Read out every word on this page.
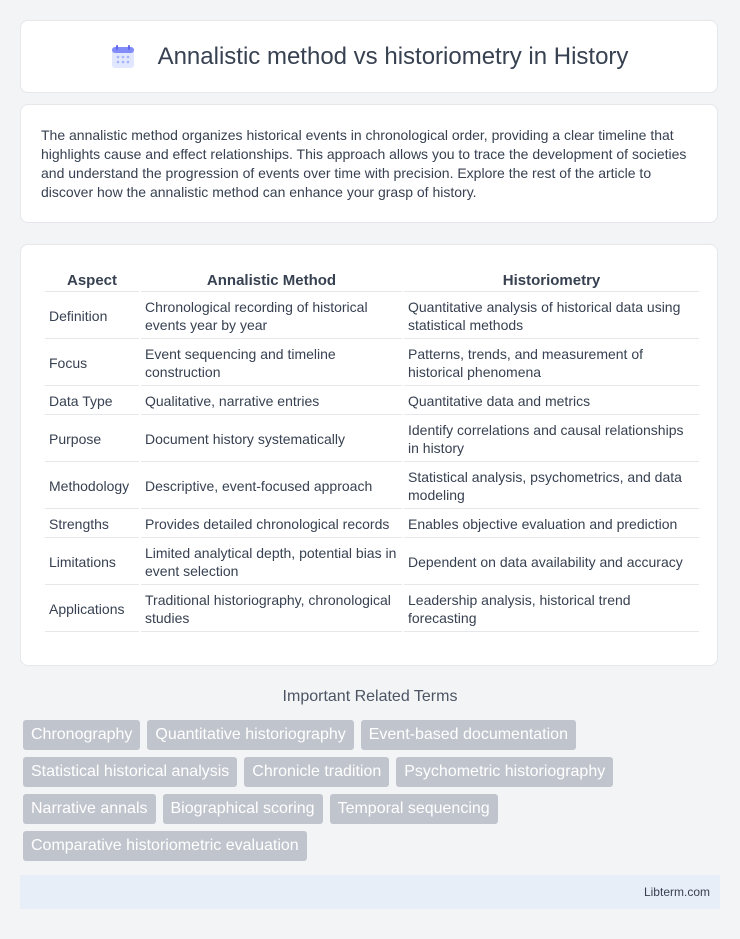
Annalistic method vs historiometry in History

The annalistic method organizes historical events in chronological order, providing a clear timeline that highlights cause and effect relationships. This approach allows you to trace the development of societies and understand the progression of events over time with precision. Explore the rest of the article to discover how the annalistic method can enhance your grasp of history.

Aspect	Annalistic Method	Historiometry
Definition	Chronological recording of historical events year by year	Quantitative analysis of historical data using statistical methods
Focus	Event sequencing and timeline construction	Patterns, trends, and measurement of historical phenomena
Data Type	Qualitative, narrative entries	Quantitative data and metrics
Purpose	Document history systematically	Identify correlations and causal relationships in history
Methodology	Descriptive, event-focused approach	Statistical analysis, psychometrics, and data modeling
Strengths	Provides detailed chronological records	Enables objective evaluation and prediction
Limitations	Limited analytical depth, potential bias in event selection	Dependent on data availability and accuracy
Applications	Traditional historiography, chronological studies	Leadership analysis, historical trend forecasting
Important Related Terms
Chronography	Quantitative historiography	Event-based documentation
Statistical historical analysis	Chronicle tradition	Psychometric historiography
Narrative annals	Biographical scoring	Temporal sequencing
Comparative historiometric evaluation
Libterm.com
